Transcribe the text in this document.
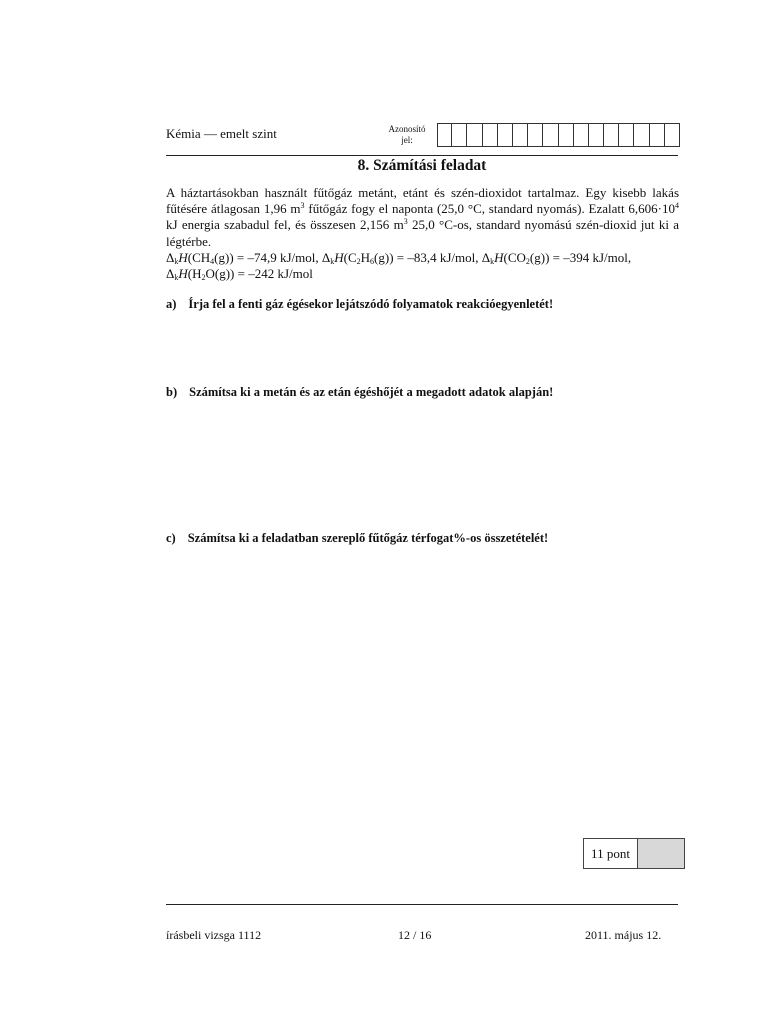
Kémia — emelt szint	Azonosító
jel:
8. Számítási feladat

A háztartásokban használt fűtőgáz metánt, etánt és szén-dioxidot tartalmaz. Egy kisebb lakás fűtésére átlagosan 1,96 $m^3$ fűtőgáz fogy el naponta (25,0 °C, standard nyomás). Ezalatt $6,606\cdot 10^4$ kJ energia szabadul fel, és összesen 2,156 $m^3$ 25,0 °C-os, standard nyomású szén-dioxid jut ki a légtérbe.

$\Delta_kH(CH_4(g)) = -74,9$ kJ/mol, $\Delta_kH(C_2H_6(g)) = -83,4$ kJ/mol, $\Delta_kH(CO_2(g)) = -394$ kJ/mol,

$\Delta_kH(H_2O(g)) = -242$ kJ/mol

a) Írja fel a fenti gáz égésekor lejátszódó folyamatok reakcióegyenletét!
b) Számítsa ki a metán és az etán égéshőjét a megadott adatok alapján!
c) Számítsa ki a feladatban szereplő fűtőgáz térfogat%-os összetételét!
11 pont
írásbeli vizsga 1112	12 / 16	2011. május 12.
